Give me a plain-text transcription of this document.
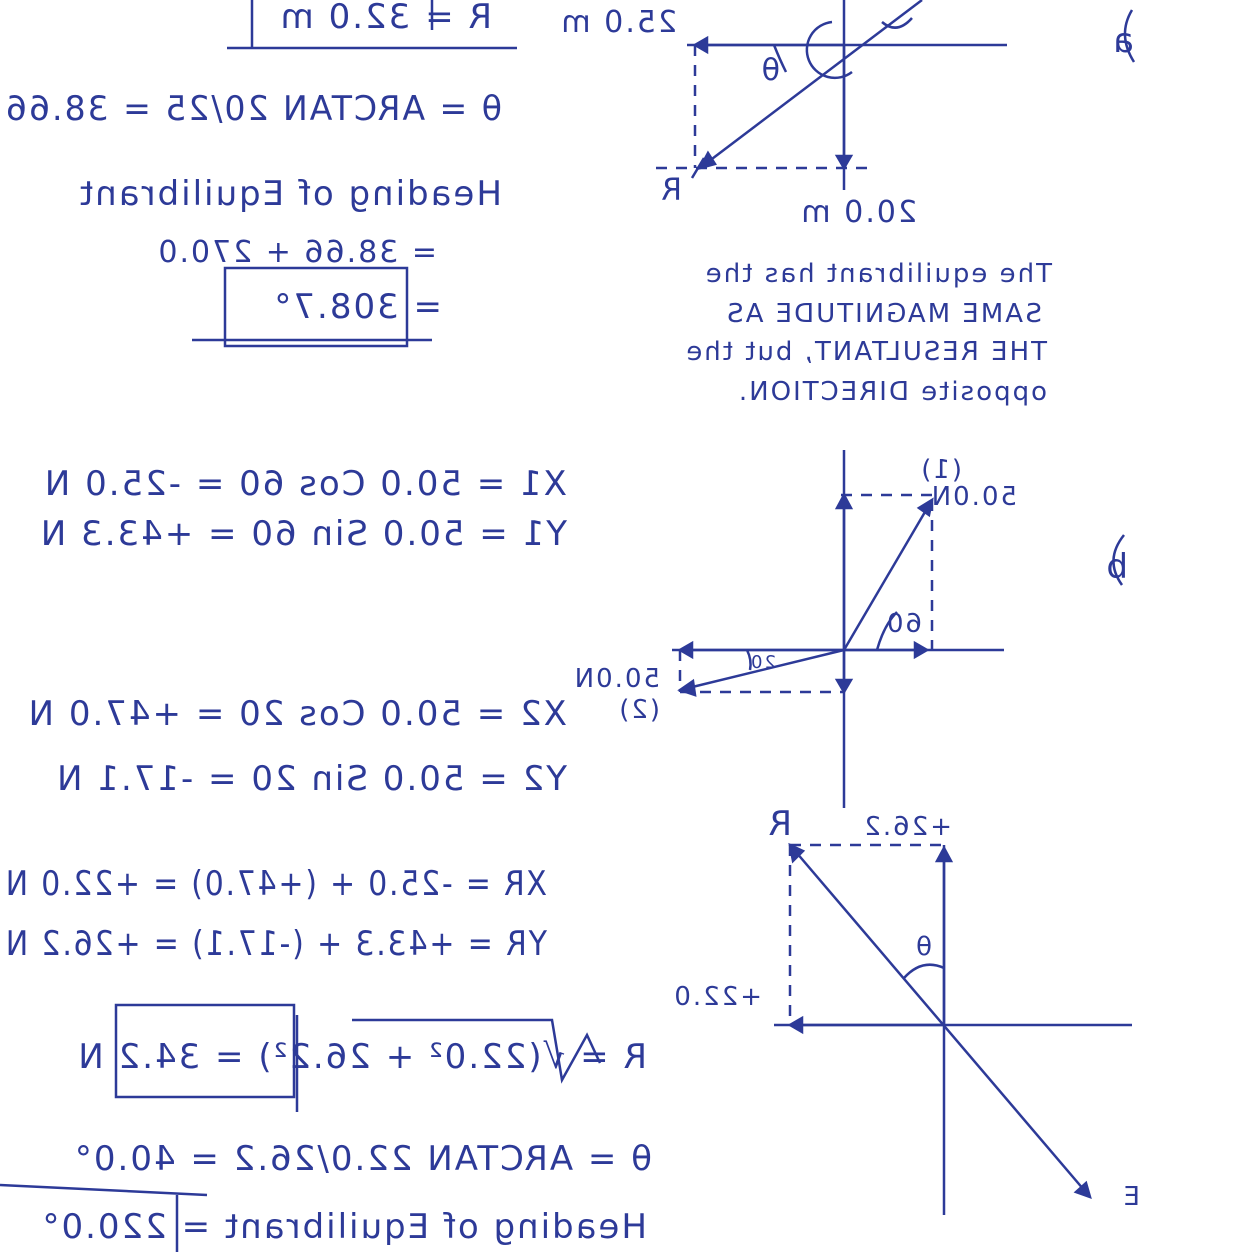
a
25.0 m
20.0 m
R
θ
R = 32.0 m
θ = ARCTAN 20/25 = 38.66
Heading of Equilibrant
= 38.66 + 270.0
= 308.7°
The equilibrant has the
SAME MAGNITUDE AS
THE RESULTANT, but the
opposite DIRECTION.
b
50.0N
(1)
60
50.0N
(2)
20
+26.2
+22.0
R
E
θ
X1 = 50.0 Cos 60 = -25.0 N
Y1 = 50.0 Sin 60 = +43.3 N
X2 = 50.0 Cos 20 = +47.0 N
Y2 = 50.0 Sin 20 = -17.1 N
XR = -25.0 + (+47.0) = +22.0 N
YR = +43.3 + (-17.1) = +26.2 N
R = √(22.0² + 26.2²) = 34.2 N
θ = ARCTAN 22.0/26.2 = 40.0°
Heading of Equilibrant = 220.0°
